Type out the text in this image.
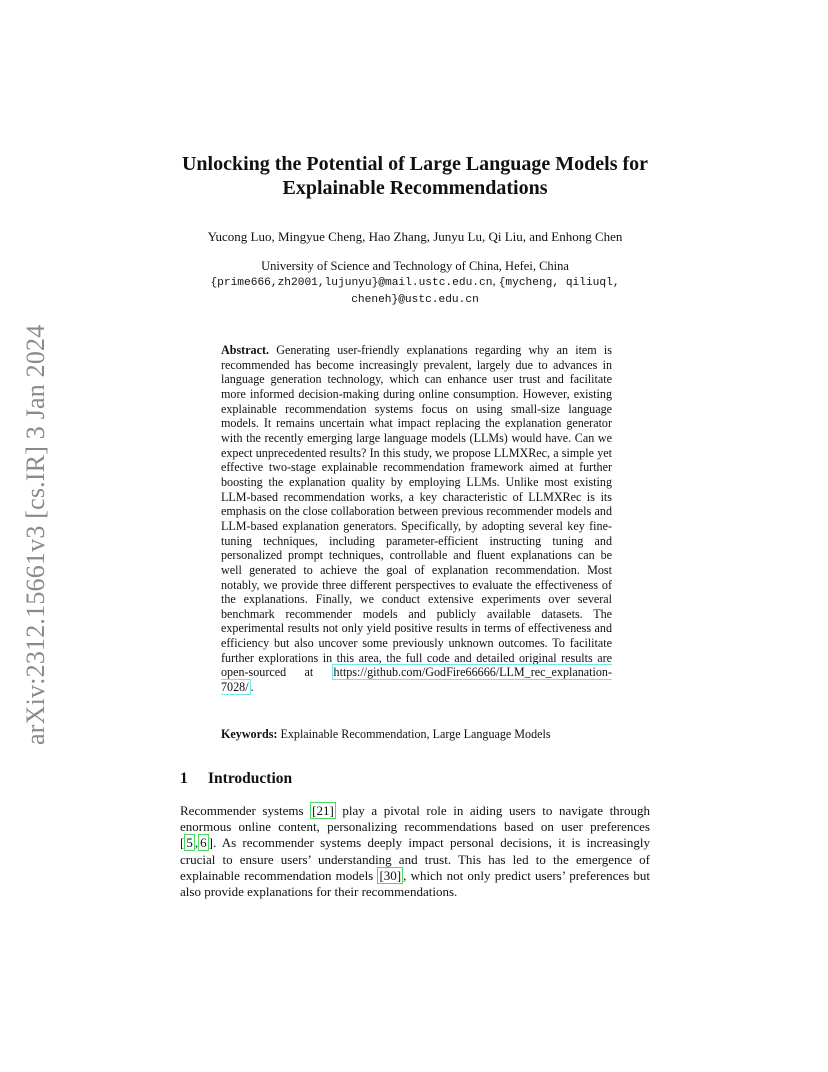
arXiv:2312.15661v3 [cs.IR] 3 Jan 2024
Unlocking the Potential of Large Language Models for Explainable Recommendations
Yucong Luo, Mingyue Cheng, Hao Zhang, Junyu Lu, Qi Liu, and Enhong Chen
University of Science and Technology of China, Hefei, China
{prime666,zh2001,lujunyu}@mail.ustc.edu.cn, {mycheng, qiliuql,
cheneh}@ustc.edu.cn
Abstract. Generating user-friendly explanations regarding why an item is recommended has become increasingly prevalent, largely due to advances in language generation technology, which can enhance user trust and facilitate more informed decision-making during online consumption. However, existing explainable recommendation systems focus on using small-size language models. It remains uncertain what impact replacing the explanation generator with the recently emerging large language models (LLMs) would have. Can we expect unprecedented results? In this study, we propose LLMXRec, a simple yet effective two-stage explainable recommendation framework aimed at further boosting the explanation quality by employing LLMs. Unlike most existing LLM-based recommendation works, a key characteristic of LLMXRec is its emphasis on the close collaboration between previous recommender models and LLM-based explanation generators. Specifically, by adopting several key fine-tuning techniques, including parameter-efficient instructing tuning and personalized prompt techniques, controllable and fluent explanations can be well generated to achieve the goal of explanation recommendation. Most notably, we provide three different perspectives to evaluate the effectiveness of the explanations. Finally, we conduct extensive experiments over several benchmark recommender models and publicly available datasets. The experimental results not only yield positive results in terms of effectiveness and efficiency but also uncover some previously unknown outcomes. To facilitate further explorations in this area, the full code and detailed original results are open-sourced at https://github.com/GodFire66666/LLM_rec_explanation-7028/ .
Keywords: Explainable Recommendation, Large Language Models
1 Introduction
Recommender systems [21] play a pivotal role in aiding users to navigate through enormous online content, personalizing recommendations based on user preferences [ 5 , 6 ]. As recommender systems deeply impact personal decisions, it is increasingly crucial to ensure users’ understanding and trust. This has led to the emergence of explainable recommendation models [30] , which not only predict users’ preferences but also provide explanations for their recommendations.
